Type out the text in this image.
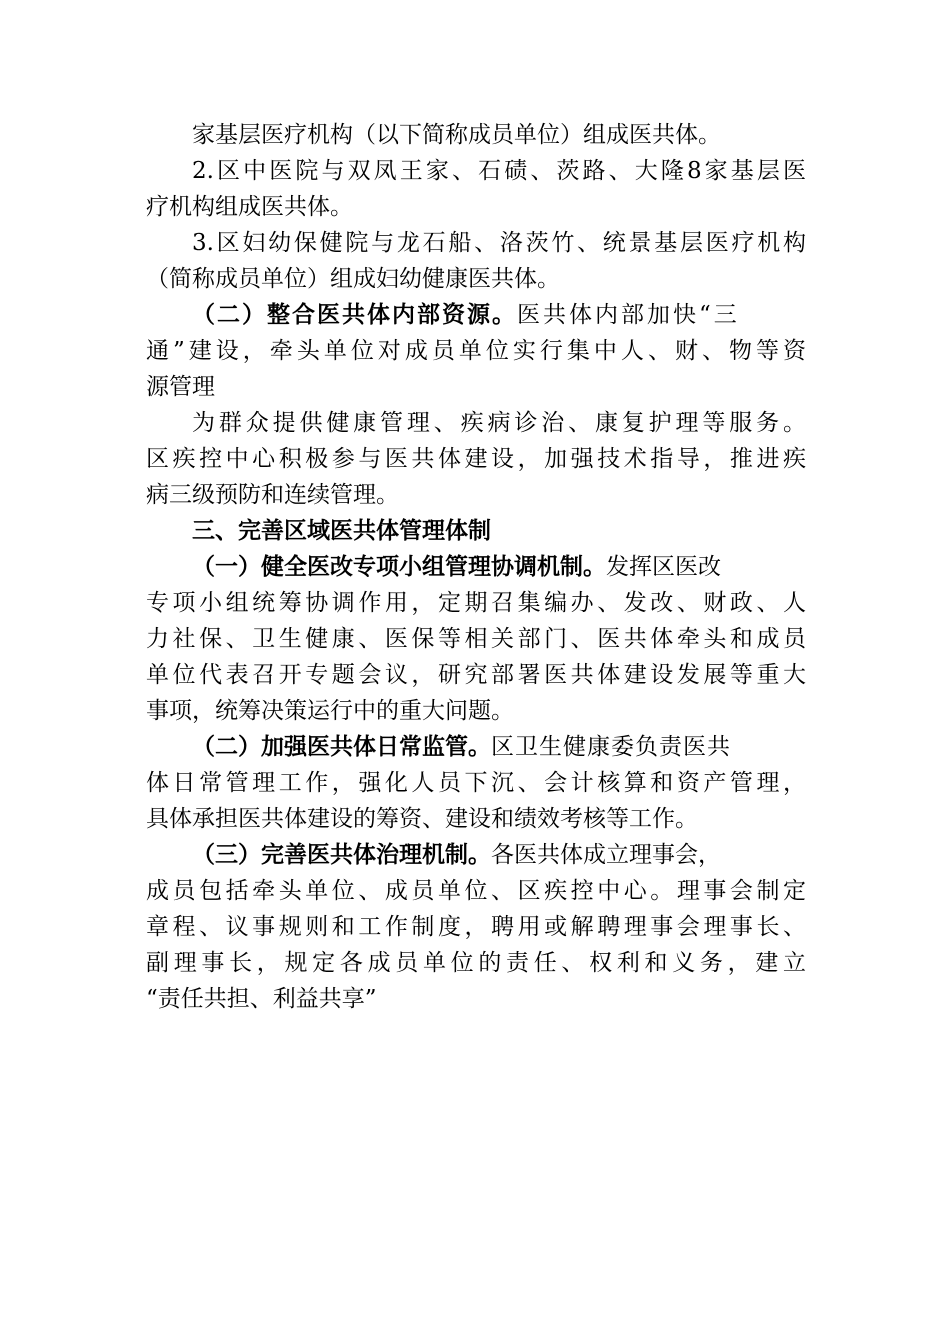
家基层医疗机构（以下简称成员单位）组成医共体。
2.区中医院与双凤王家、石碛、茨路、大隆8家基层医
疗机构组成医共体。
3.区妇幼保健院与龙石船、洛茨竹、统景基层医疗机构
（简称成员单位）组成妇幼健康医共体。
（二）整合医共体内部资源。医共体内部加快“三
通”建设，牵头单位对成员单位实行集中人、财、物等资
源管理
为群众提供健康管理、疾病诊治、康复护理等服务。
区疾控中心积极参与医共体建设，加强技术指导，推进疾
病三级预防和连续管理。
三、完善区域医共体管理体制
（一）健全医改专项小组管理协调机制。发挥区医改
专项小组统筹协调作用，定期召集编办、发改、财政、人
力社保、卫生健康、医保等相关部门、医共体牵头和成员
单位代表召开专题会议，研究部署医共体建设发展等重大
事项，统筹决策运行中的重大问题。
（二）加强医共体日常监管。区卫生健康委负责医共
体日常管理工作，强化人员下沉、会计核算和资产管理，
具体承担医共体建设的筹资、建设和绩效考核等工作。
（三）完善医共体治理机制。各医共体成立理事会，
成员包括牵头单位、成员单位、区疾控中心。理事会制定
章程、议事规则和工作制度，聘用或解聘理事会理事长、
副理事长，规定各成员单位的责任、权利和义务，建立
“责任共担、利益共享”
